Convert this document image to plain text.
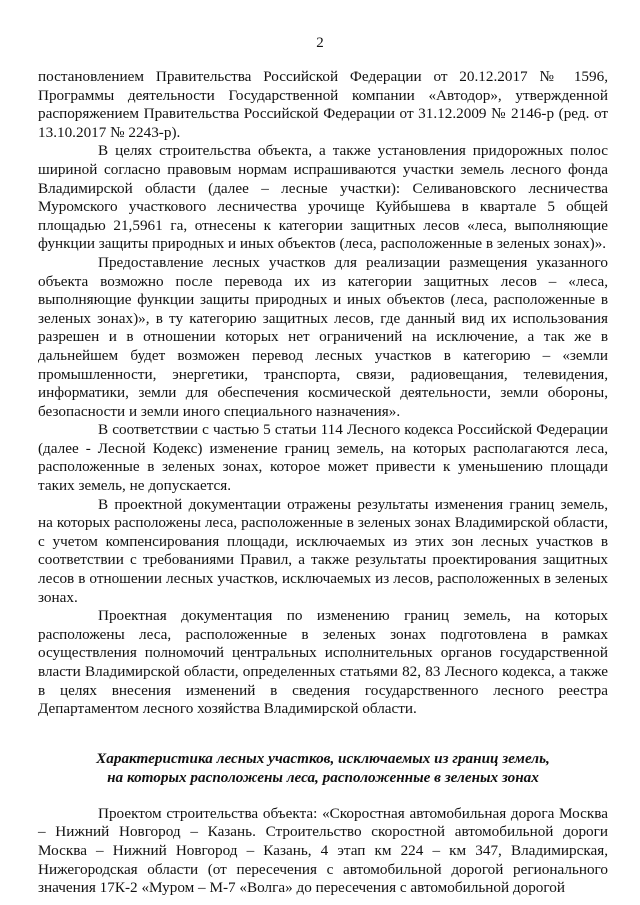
2

постановлением Правительства Российской Федерации от 20.12.2017 № 1596, Программы деятельности Государственной компании «Автодор», утвержденной распоряжением Правительства Российской Федерации от 31.12.2009 № 2146-р (ред. от 13.10.2017 № 2243-р).

В целях строительства объекта, а также установления придорожных полос шириной согласно правовым нормам испрашиваются участки земель лесного фонда Владимирской области (далее – лесные участки): Селивановского лесничества Муромского участкового лесничества урочище Куйбышева в квартале 5 общей площадью 21,5961 га, отнесены к категории защитных лесов «леса, выполняющие функции защиты природных и иных объектов (леса, расположенные в зеленых зонах)».

Предоставление лесных участков для реализации размещения указанного объекта возможно после перевода их из категории защитных лесов – «леса, выполняющие функции защиты природных и иных объектов (леса, расположенные в зеленых зонах)», в ту категорию защитных лесов, где данный вид их использования разрешен и в отношении которых нет ограничений на исключение, а так же в дальнейшем будет возможен перевод лесных участков в категорию – «земли промышленности, энергетики, транспорта, связи, радиовещания, телевидения, информатики, земли для обеспечения космической деятельности, земли обороны, безопасности и земли иного специального назначения».

В соответствии с частью 5 статьи 114 Лесного кодекса Российской Федерации (далее - Лесной Кодекс) изменение границ земель, на которых располагаются леса, расположенные в зеленых зонах, которое может привести к уменьшению площади таких земель, не допускается.

В проектной документации отражены результаты изменения границ земель, на которых расположены леса, расположенные в зеленых зонах Владимирской области, с учетом компенсирования площади, исключаемых из этих зон лесных участков в соответствии с требованиями Правил, а также результаты проектирования защитных лесов в отношении лесных участков, исключаемых из лесов, расположенных в зеленых зонах.

Проектная документация по изменению границ земель, на которых расположены леса, расположенные в зеленых зонах подготовлена в рамках осуществления полномочий центральных исполнительных органов государственной власти Владимирской области, определенных статьями 82, 83 Лесного кодекса, а также в целях внесения изменений в сведения государственного лесного реестра Департаментом лесного хозяйства Владимирской области.

Характеристика лесных участков, исключаемых из границ земель,

на которых расположены леса, расположенные в зеленых зонах

Проектом строительства объекта: «Скоростная автомобильная дорога Москва – Нижний Новгород – Казань. Строительство скоростной автомобильной дороги Москва – Нижний Новгород – Казань, 4 этап км 224 – км 347, Владимирская, Нижегородская области (от пересечения с автомобильной дорогой регионального значения 17К-2 «Муром – М-7 «Волга» до пересечения с автомобильной дорогой
